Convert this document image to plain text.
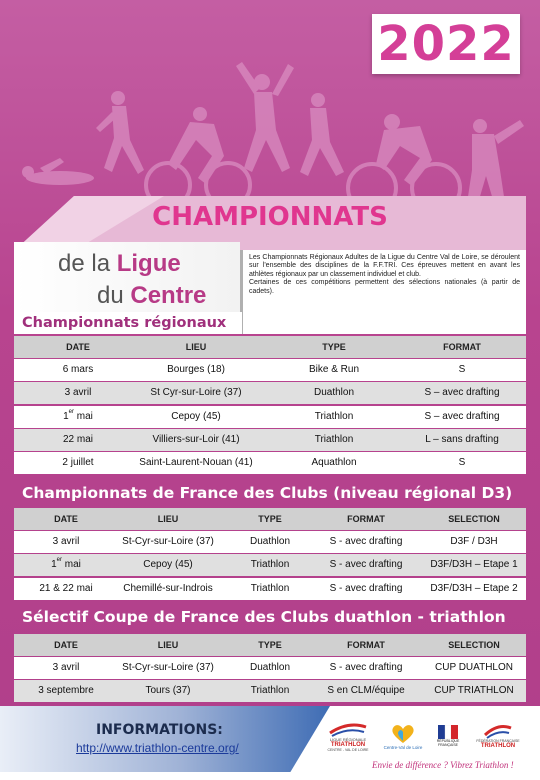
2022
CHAMPIONNATS
de la Ligue
du Centre

Les Championnats Régionaux Adultes de la Ligue du Centre Val de Loire, se déroulent sur l'ensemble des disciplines de la F.F.TRI. Ces épreuves mettent en avant les athlètes régionaux par un classement individuel et club.

Certaines de ces compétitions permettent des sélections nationales (à partir de cadets).

Championnats régionaux
DATE	LIEU	TYPE	FORMAT
6 mars	Bourges (18)	Bike & Run	S
3 avril	St Cyr-sur-Loire (37)	Duathlon	S – avec drafting
1er mai	Cepoy (45)	Triathlon	S – avec drafting
22 mai	Villiers-sur-Loir (41)	Triathlon	L – sans drafting
2 juillet	Saint-Laurent-Nouan (41)	Aquathlon	S
Championnats de France des Clubs (niveau régional D3)
DATE	LIEU	TYPE	FORMAT	SELECTION
3 avril	St-Cyr-sur-Loire (37)	Duathlon	S - avec drafting	D3F / D3H
1er mai	Cepoy (45)	Triathlon	S - avec drafting	D3F/D3H – Etape 1
21 & 22 mai	Chemillé-sur-Indrois	Triathlon	S - avec drafting	D3F/D3H – Etape 2
Sélectif Coupe de France des Clubs duathlon - triathlon
DATE	LIEU	TYPE	FORMAT	SELECTION
3 avril	St-Cyr-sur-Loire (37)	Duathlon	S - avec drafting	CUP DUATHLON
3 septembre	Tours (37)	Triathlon	S en CLM/équipe	CUP TRIATHLON
INFORMATIONS:
http://www.triathlon-centre.org/
LIGUE RÉGIONALE
TRIATHLON
CENTRE - VAL DE LOIRE	Centre-Val de Loire
RÉPUBLIQUE
FRANÇAISE
FÉDÉRATION FRANÇAISE
TRIATHLON
Envie de différence ? Vibrez Triathlon !
